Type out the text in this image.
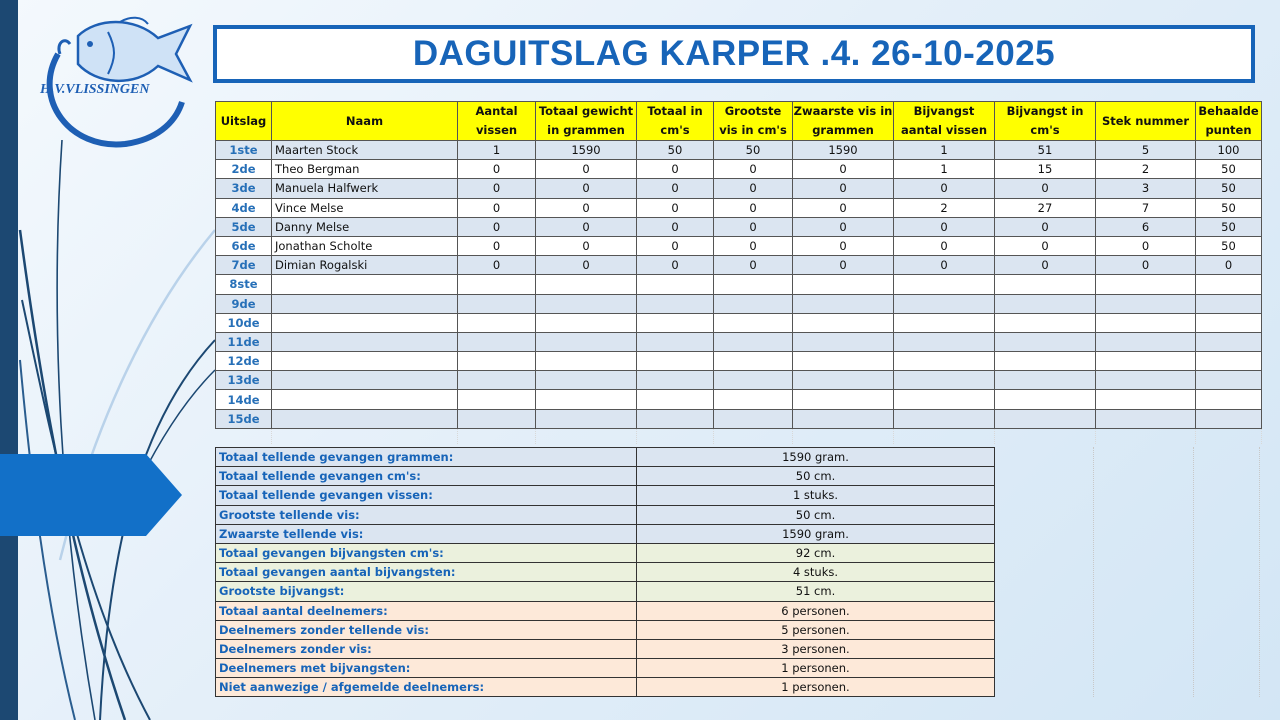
H.V.VLISSINGEN
DAGUITSLAG KARPER .4. 26-10-2025
Uitslag	Naam	Aantal vissen	Totaal gewicht in grammen	Totaal in cm's	Grootste vis in cm's	Zwaarste vis in grammen	Bijvangst aantal vissen	Bijvangst in cm's	Stek nummer	Behaalde punten
1ste	Maarten Stock	1	1590	50	50	1590	1	51	5	100
2de	Theo Bergman	0	0	0	0	0	1	15	2	50
3de	Manuela Halfwerk	0	0	0	0	0	0	0	3	50
4de	Vince Melse	0	0	0	0	0	2	27	7	50
5de	Danny Melse	0	0	0	0	0	0	0	6	50
6de	Jonathan Scholte	0	0	0	0	0	0	0	0	50
7de	Dimian Rogalski	0	0	0	0	0	0	0	0	0
8ste										
9de										
10de										
11de										
12de										
13de										
14de										
15de										

Totaal tellende gevangen grammen:	1590 gram.
Totaal tellende gevangen cm's:	50 cm.
Totaal tellende gevangen vissen:	1 stuks.
Grootste tellende vis:	50 cm.
Zwaarste tellende vis:	1590 gram.
Totaal gevangen bijvangsten cm's:	92 cm.
Totaal gevangen aantal bijvangsten:	4 stuks.
Grootste bijvangst:	51 cm.
Totaal aantal deelnemers:	6 personen.
Deelnemers zonder tellende vis:	5 personen.
Deelnemers zonder vis:	3 personen.
Deelnemers met bijvangsten:	1 personen.
Niet aanwezige / afgemelde deelnemers:	1 personen.
